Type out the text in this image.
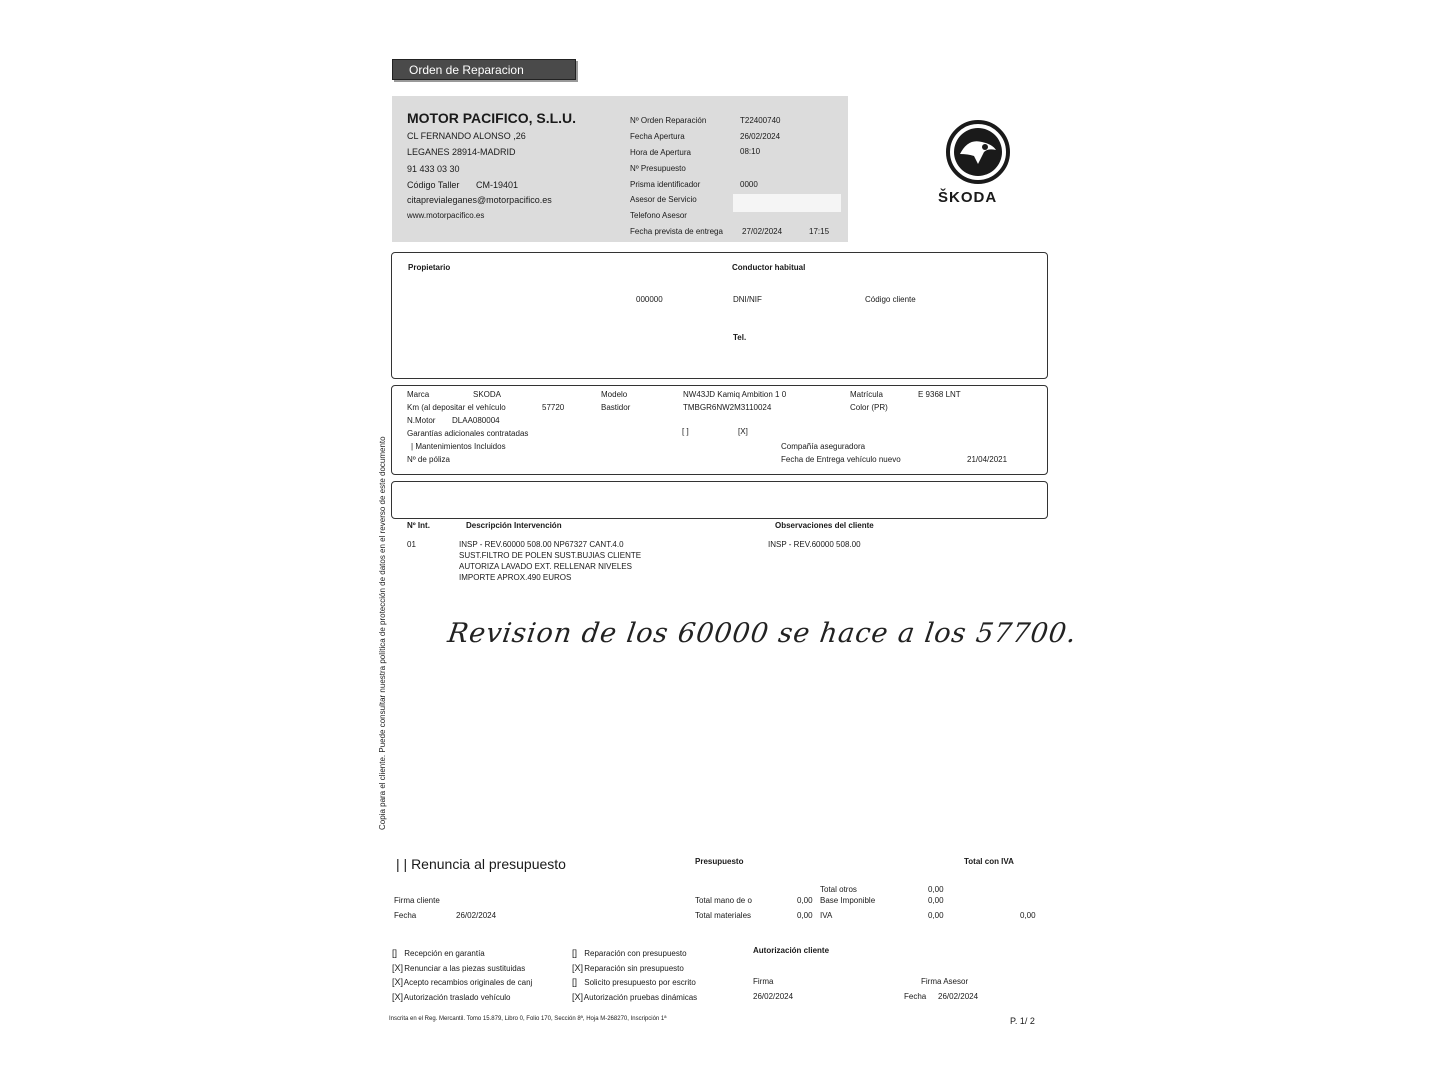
Orden de Reparacion
MOTOR PACIFICO, S.L.U.
CL FERNANDO ALONSO ,26
LEGANES 28914-MADRID
91 433 03 30
Código Taller CM-19401
citaprevialeganes@motorpacifico.es
www.motorpacifico.es
Nº Orden Reparación	T22400740
Fecha Apertura	26/02/2024
Hora de Apertura	08:10
Nº Presupuesto
Prisma identificador	0000
Asesor de Servicio
Telefono Asesor
Fecha prevista de entrega 27/02/2024	17:15
ŠKODA
Propietario	Conductor habitual
000000	DNI/NIF	Código cliente
Tel.
Marca	SKODA	Modelo	NW43JD Kamiq Ambition 1 0	Matrícula	E 9368 LNT
Km (al depositar el vehículo	57720	Bastidor	TMBGR6NW2M3110024	Color (PR)
N.Motor DLAA080004
Garantías adicionales contratadas	[ ]	[X]
| Mantenimientos Incluidos	Compañía aseguradora
Nº de póliza	Fecha de Entrega vehículo nuevo	21/04/2021
Nº Int.	Descripción Intervención	Observaciones del cliente
01	INSP - REV.60000 508.00 NP67327 CANT.4.0
SUST.FILTRO DE POLEN SUST.BUJIAS CLIENTE
AUTORIZA LAVADO EXT. RELLENAR NIVELES
IMPORTE APROX.490 EUROS
INSP - REV.60000 508.00
Revision de los 60000 se hace a los 57700.
Copia para el cliente. Puede consultar nuestra política de protección de datos en el reverso de este documento
| | Renuncia al presupuesto	Presupuesto	Total con IVA
Total otros	0,00
Firma cliente	Total mano de o	0,00 Base Imponible	0,00
Fecha	26/02/2024	Total materiales	0,00 IVA	0,00	0,00
[] Recepción en garantía
[X] Renunciar a las piezas sustituidas
[X] Acepto recambios originales de canj
[X] Autorización traslado vehículo
[] Reparación con presupuesto
[X] Reparación sin presupuesto
[] Solicito presupuesto por escrito
[X] Autorización pruebas dinámicas
Autorización cliente
Firma
26/02/2024
Firma Asesor
Fecha 26/02/2024
Inscrita en el Reg. Mercantil. Tomo 15.879, Libro 0, Folio 170, Sección 8ª, Hoja M-268270, Inscripción 1ª	P. 1/ 2
